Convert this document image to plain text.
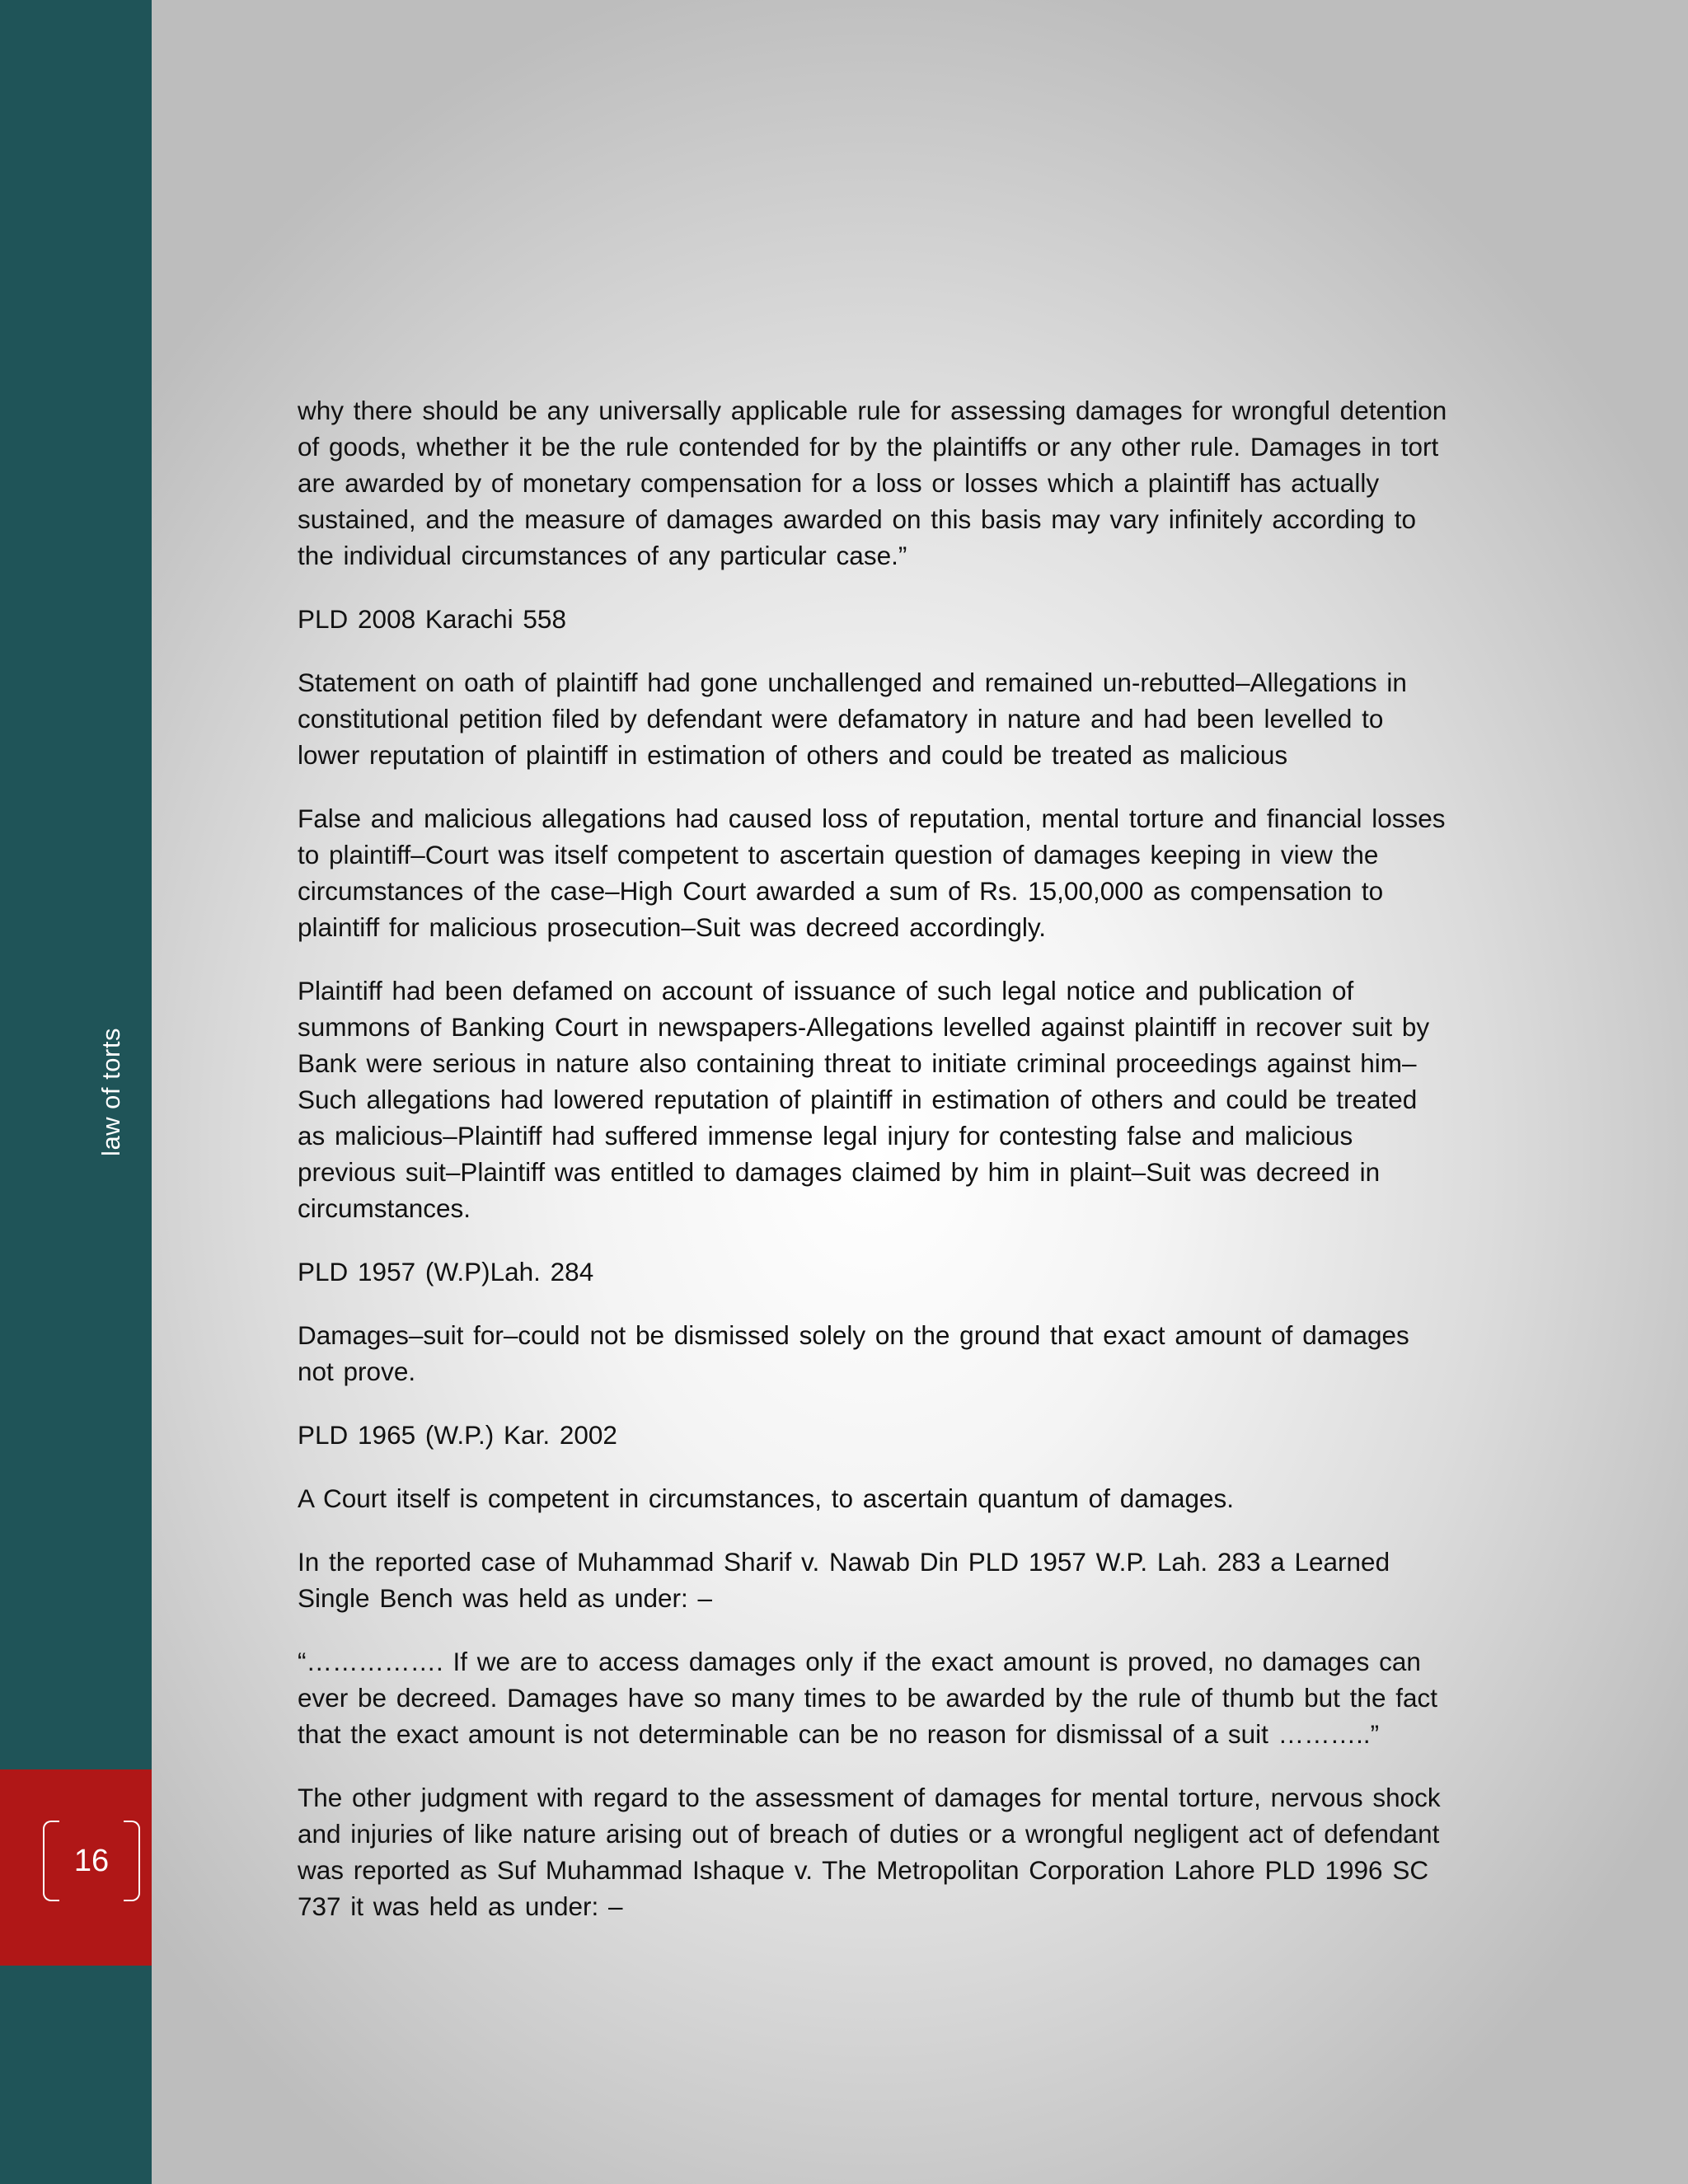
law of torts
16

why there should be any universally applicable rule for assessing damages for wrongful detention of goods, whether it be the rule contended for by the plaintiffs or any other rule. Damages in tort are awarded by of monetary compensation for a loss or losses which a plaintiff has actually sustained, and the measure of damages awarded on this basis may vary infinitely according to the individual circumstances of any particular case.”

PLD 2008 Karachi 558

Statement on oath of plaintiff had gone unchallenged and remained un-rebutted–Allegations in constitutional petition filed by defendant were defamatory in nature and had been levelled to lower reputation of plaintiff in estimation of others and could be treated as malicious

False and malicious allegations had caused loss of reputation, mental torture and financial losses to plaintiff–Court was itself competent to ascertain question of damages keeping in view the circumstances of the case–High Court awarded a sum of Rs. 15,00,000 as compensation to plaintiff for malicious prosecution–Suit was decreed accordingly.

Plaintiff had been defamed on account of issuance of such legal notice and publication of summons of Banking Court in newspapers-Allegations levelled against plaintiff in recover suit by Bank were serious in nature also containing threat to initiate criminal proceedings against him–Such allegations had lowered reputation of plaintiff in estimation of others and could be treated as malicious–Plaintiff had suffered immense legal injury for contesting false and malicious previous suit–Plaintiff was entitled to damages claimed by him in plaint–Suit was decreed in circumstances.

PLD 1957 (W.P)Lah. 284

Damages–suit for–could not be dismissed solely on the ground that exact amount of damages not prove.

PLD 1965 (W.P.) Kar. 2002

A Court itself is competent in circumstances, to ascertain quantum of damages.

In the reported case of Muhammad Sharif v. Nawab Din PLD 1957 W.P. Lah. 283 a Learned Single Bench was held as under: –

“……………. If we are to access damages only if the exact amount is proved, no damages can ever be decreed. Damages have so many times to be awarded by the rule of thumb but the fact that the exact amount is not determinable can be no reason for dismissal of a suit ………..”

The other judgment with regard to the assessment of damages for mental torture, nervous shock and injuries of like nature arising out of breach of duties or a wrongful negligent act of defendant was reported as Suf Muhammad Ishaque v. The Metropolitan Corporation Lahore PLD 1996 SC 737 it was held as under: –
